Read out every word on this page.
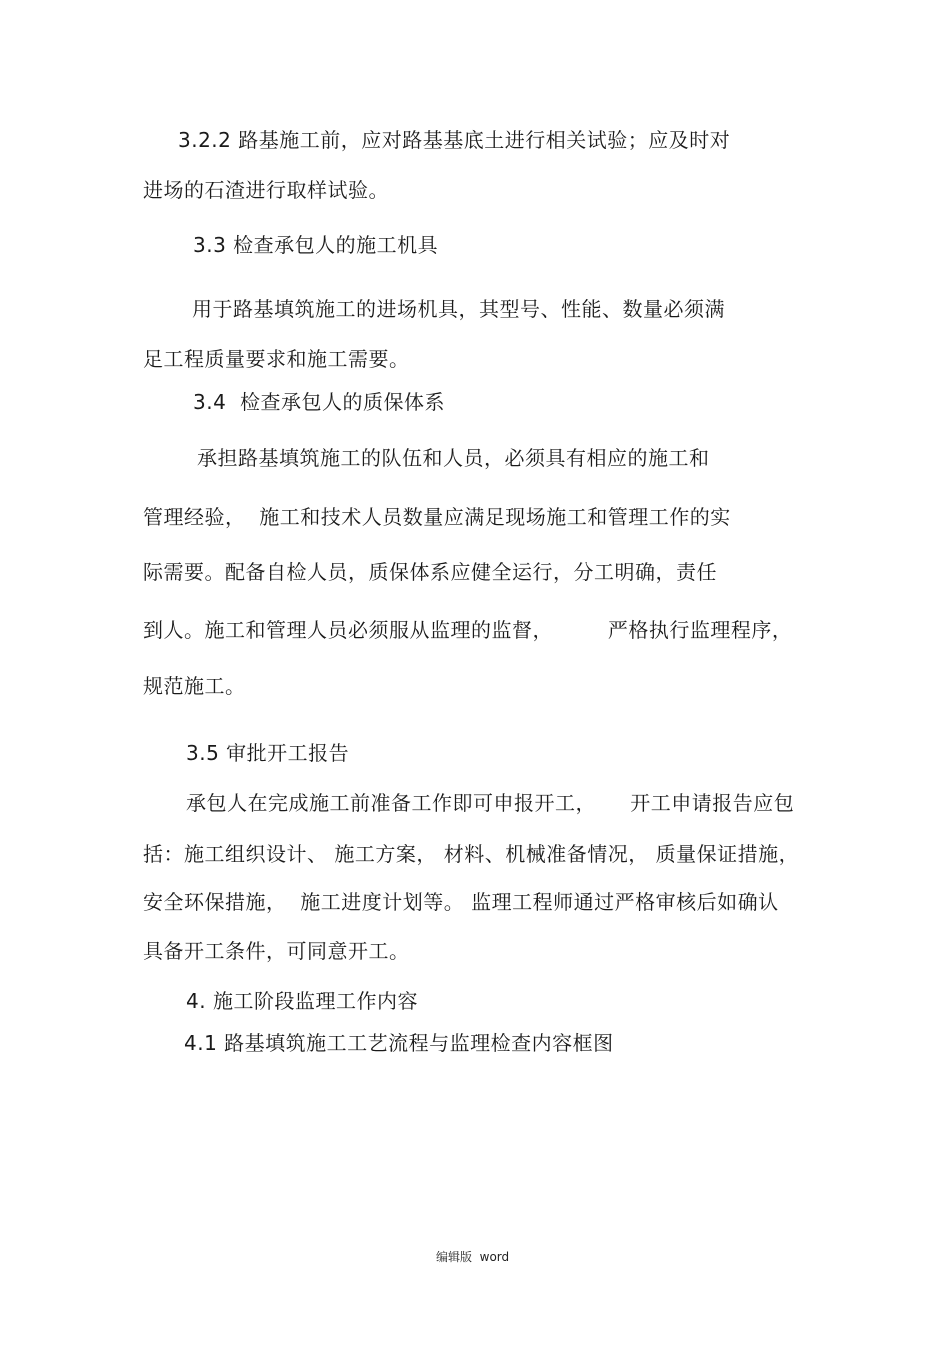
3.2.2 路基施工前，应对路基基底土进行相关试验；应及时对
进场的石渣进行取样试验。
3.3 检查承包人的施工机具
用于路基填筑施工的进场机具，其型号、性能、数量必须满
足工程质量要求和施工需要。
3.4  检查承包人的质保体系
承担路基填筑施工的队伍和人员，必须具有相应的施工和
管理经验，  施工和技术人员数量应满足现场施工和管理工作的实
际需要。配备自检人员，质保体系应健全运行，分工明确，责任
到人。施工和管理人员必须服从监理的监督，        严格执行监理程序，
规范施工。
3.5 审批开工报告
承包人在完成施工前准备工作即可申报开工，     开工申请报告应包
括：施工组织设计、 施工方案， 材料、机械准备情况， 质量保证措施，
安全环保措施，  施工进度计划等。 监理工程师通过严格审核后如确认
具备开工条件，可同意开工。
4. 施工阶段监理工作内容
4.1 路基填筑施工工艺流程与监理检查内容框图
编辑版  word
